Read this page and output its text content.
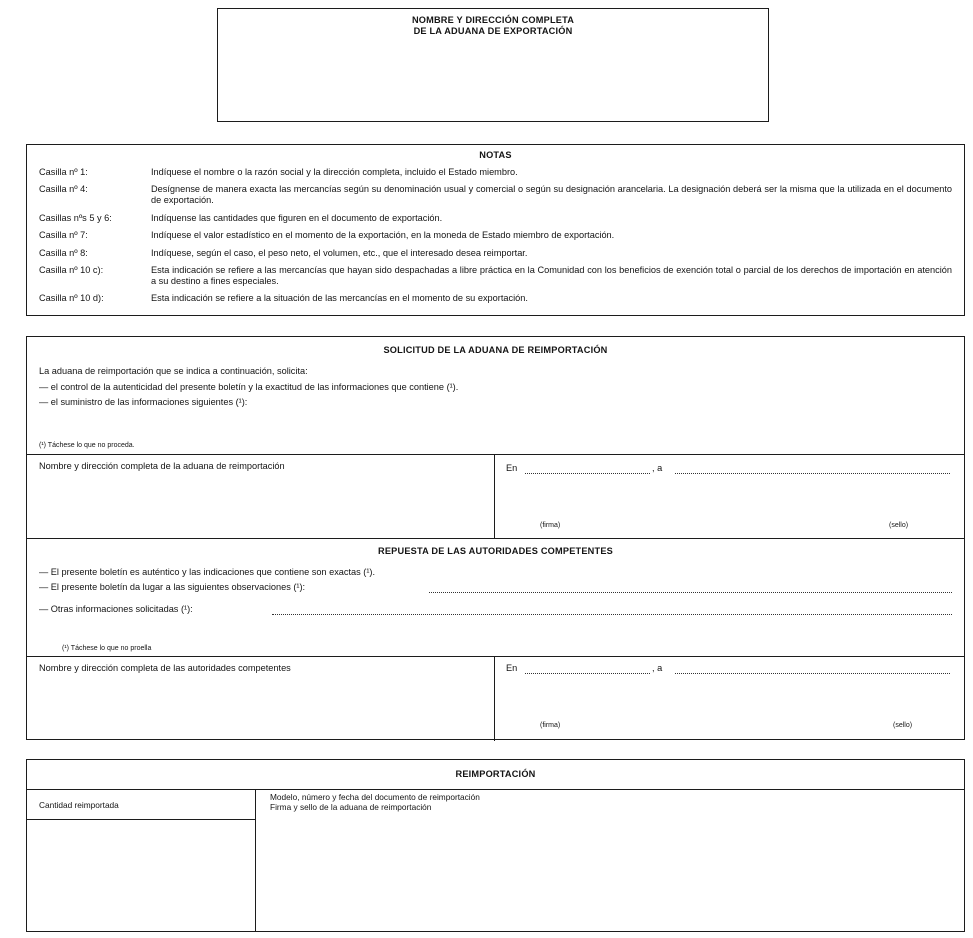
NOMBRE Y DIRECCIÓN COMPLETA
DE LA ADUANA DE EXPORTACIÓN
NOTAS
Casilla nº 1:	Indíquese el nombre o la razón social y la dirección completa, incluido el Estado miembro.
Casilla nº 4:	Desígnense de manera exacta las mercancías según su denominación usual y comercial o según su designación arancelaria. La designación deberá ser la misma que la utilizada en el documento de exportación.
Casillas nºs 5 y 6:	Indíquense las cantidades que figuren en el documento de exportación.
Casilla nº 7:	Indíquese el valor estadístico en el momento de la exportación, en la moneda de Estado miembro de exportación.
Casilla nº 8:	Indíquese, según el caso, el peso neto, el volumen, etc., que el interesado desea reimportar.
Casilla nº 10 c):	Esta indicación se refiere a las mercancías que hayan sido despachadas a libre práctica en la Comunidad con los beneficios de exención total o parcial de los derechos de importación en atención a su destino a fines especiales.
Casilla nº 10 d):	Esta indicación se refiere a la situación de las mercancías en el momento de su exportación.
SOLICITUD DE LA ADUANA DE REIMPORTACIÓN
La aduana de reimportación que se indica a continuación, solicita:
— el control de la autenticidad del presente boletín y la exactitud de las informaciones que contiene (¹).
— el suministro de las informaciones siguientes (¹):
(¹) Táchese lo que no proceda.
Nombre y dirección completa de la aduana de reimportación	En	, a
(firma)	(sello)
REPUESTA DE LAS AUTORIDADES COMPETENTES
— El presente boletín es auténtico y las indicaciones que contiene son exactas (¹).
— El presente boletín da lugar a las siguientes observaciones (¹):
— Otras informaciones solicitadas (¹):
(¹) Táchese lo que no proella
Nombre y dirección completa de las autoridades competentes	En	, a
(firma)	(sello)
REIMPORTACIÓN
Cantidad reimportada
Modelo, número y fecha del documento de reimportación
Firma y sello de la aduana de reimportación
